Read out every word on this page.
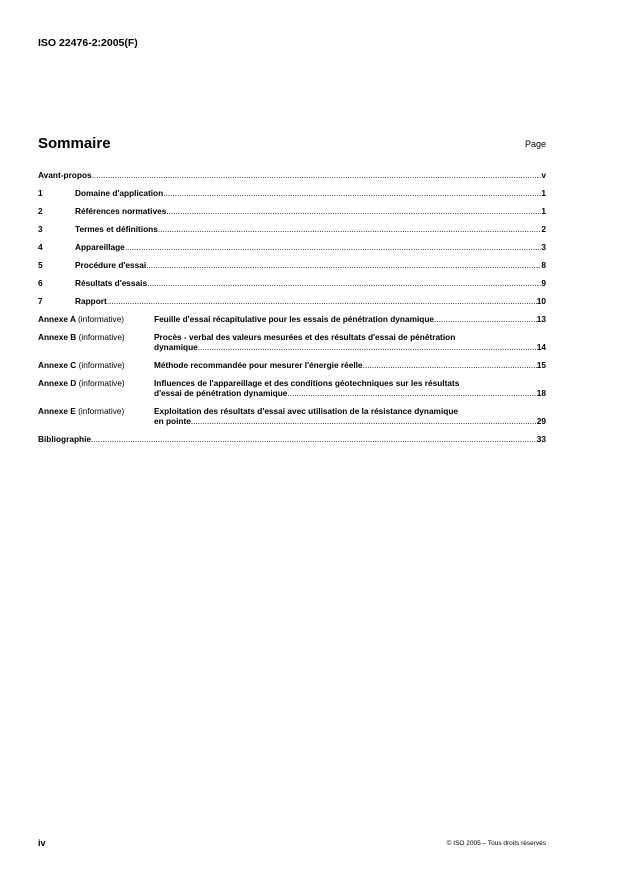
ISO 22476-2:2005(F)
Sommaire	Page
Avant-propos .....	v
1	Domaine d'application .....	1
2	Références normatives .....	1
3	Termes et définitions .....	2
4	Appareillage .....	3
5	Procédure d'essai .....	8
6	Résultats d'essais .....	9
7	Rapport .....	10
Annexe A (informative)	Feuille d'essai récapitulative pour les essais de pénétration dynamique .....	13
Annexe B (informative)	Procès - verbal des valeurs mesurées et des résultats d'essai de pénétration
dynamique .....	14
Annexe C (informative)	Méthode recommandée pour mesurer l'énergie réelle .....	15
Annexe D (informative)	Influences de l'appareillage et des conditions géotechniques sur les résultats
d'essai de pénétration dynamique .....	18
Annexe E (informative)	Exploitation des résultats d'essai avec utilisation de la résistance dynamique
en pointe .....	29
Bibliographie .....	33
iv	© ISO 2005 – Tous droits réservés
